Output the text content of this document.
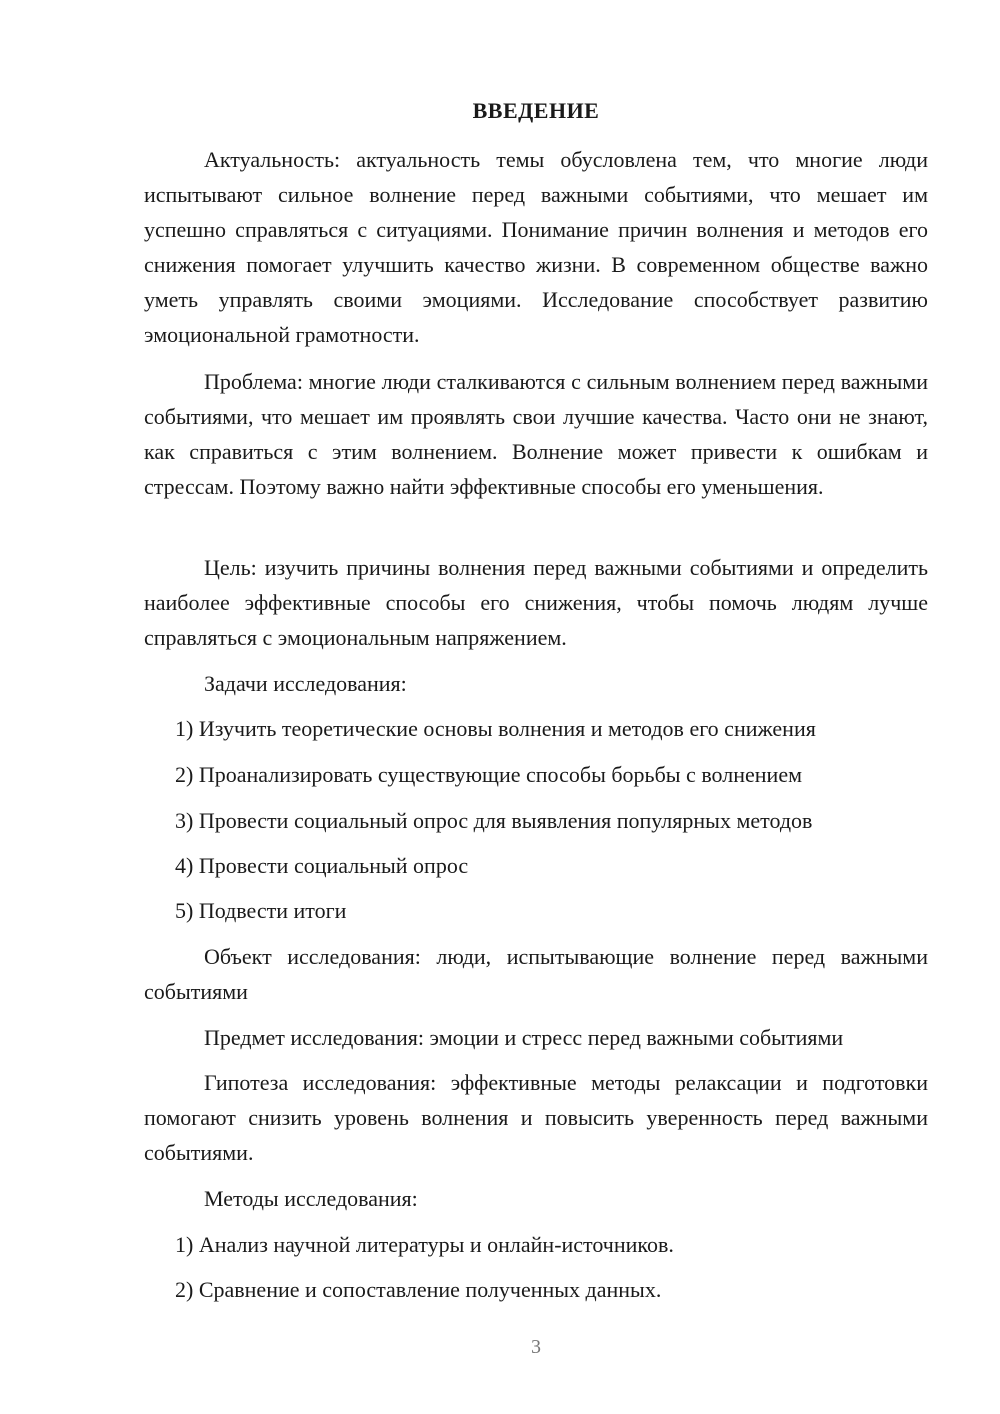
ВВЕДЕНИЕ

Актуальность: актуальность темы обусловлена тем, что многие люди испытывают сильное волнение перед важными событиями, что мешает им успешно справляться с ситуациями. Понимание причин волнения и методов его снижения помогает улучшить качество жизни. В современном обществе важно уметь управлять своими эмоциями. Исследование способствует развитию эмоциональной грамотности.

Проблема: многие люди сталкиваются с сильным волнением перед важными событиями, что мешает им проявлять свои лучшие качества. Часто они не знают, как справиться с этим волнением. Волнение может привести к ошибкам и стрессам. Поэтому важно найти эффективные способы его уменьшения.

Цель: изучить причины волнения перед важными событиями и определить наиболее эффективные способы его снижения, чтобы помочь людям лучше справляться с эмоциональным напряжением.

Задачи исследования:
1) Изучить теоретические основы волнения и методов его снижения
2) Проанализировать существующие способы борьбы с волнением
3) Провести социальный опрос для выявления популярных методов
4) Провести социальный опрос
5) Подвести итоги

Объект исследования: люди, испытывающие волнение перед важными событиями

Предмет исследования: эмоции и стресс перед важными событиями

Гипотеза исследования: эффективные методы релаксации и подготовки помогают снизить уровень волнения и повысить уверенность перед важными событиями.

Методы исследования:
1) Анализ научной литературы и онлайн-источников.
2) Сравнение и сопоставление полученных данных.
3
